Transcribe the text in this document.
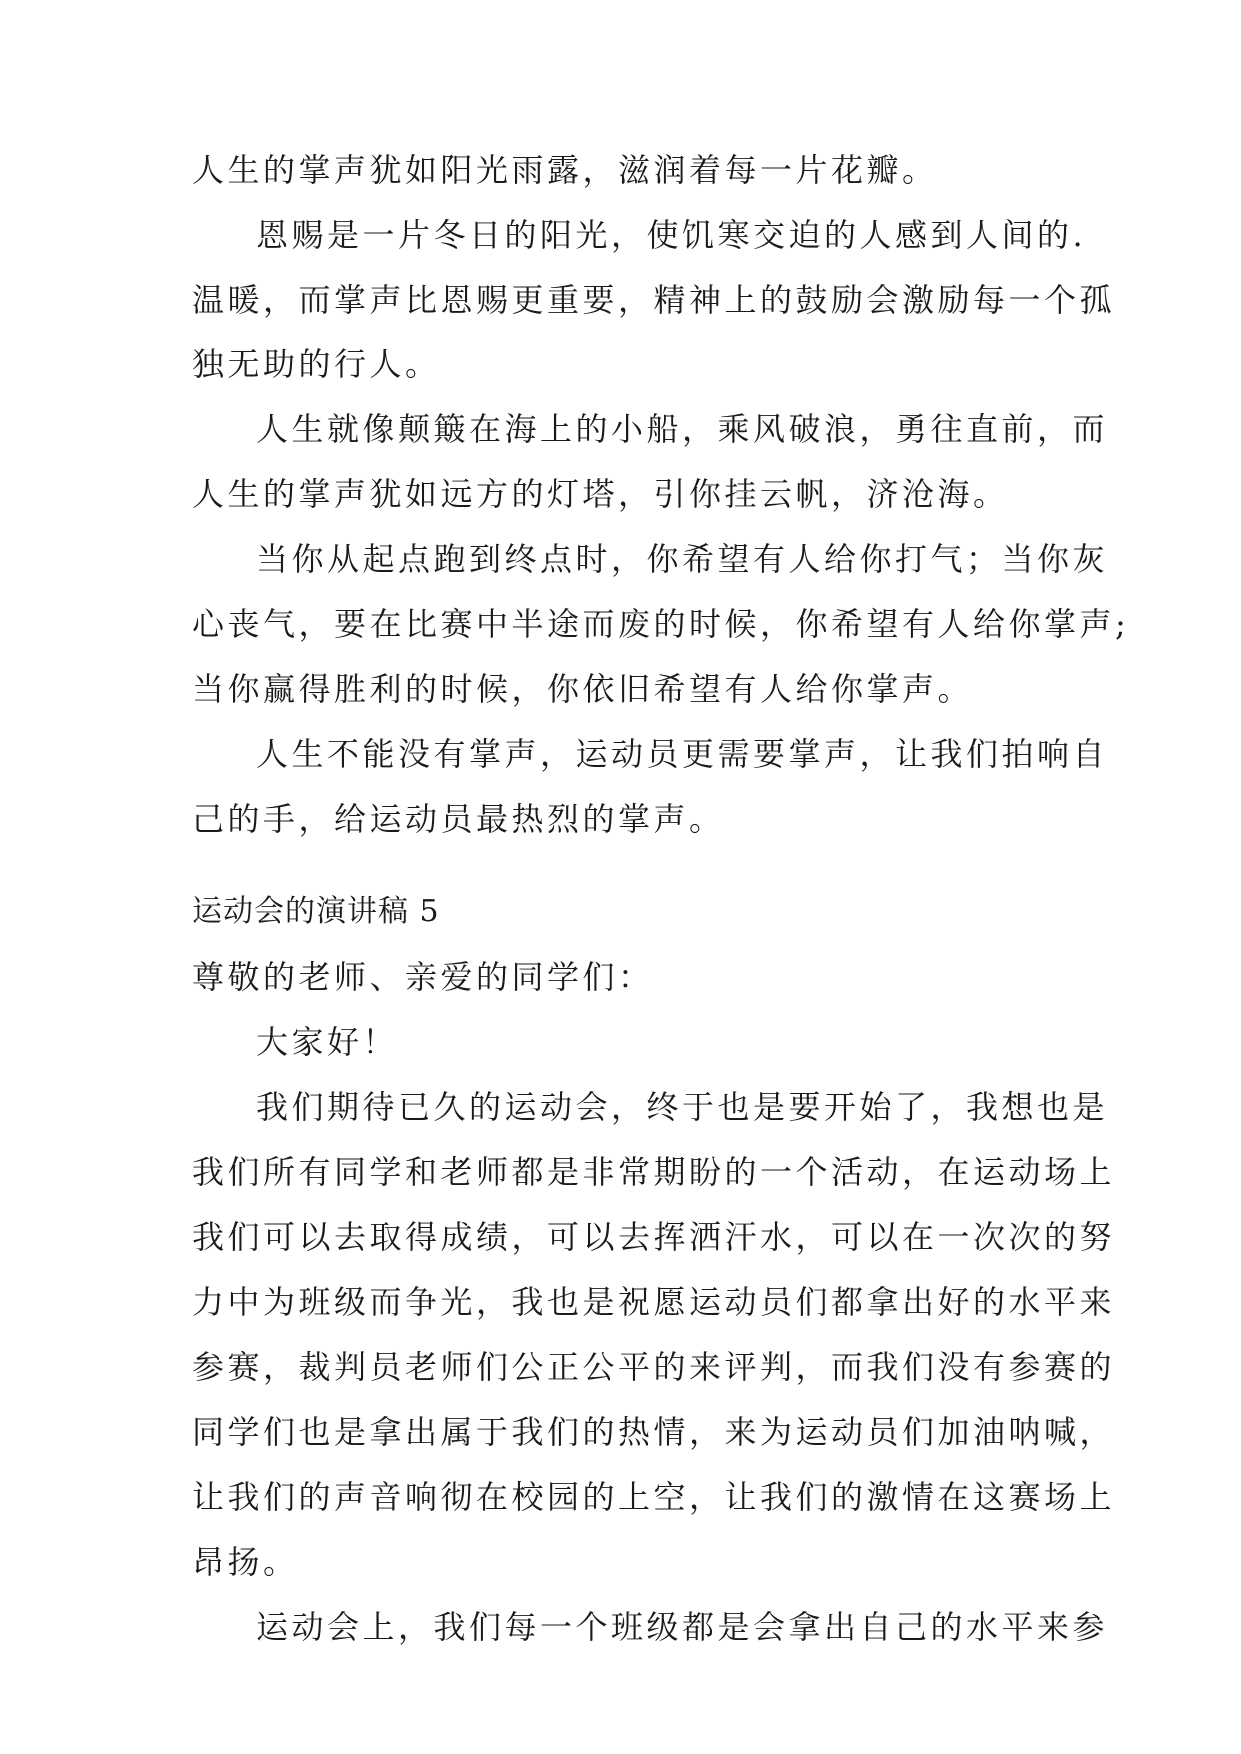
人生的掌声犹如阳光雨露，滋润着每一片花瓣。
恩赐是一片冬日的阳光，使饥寒交迫的人感到人间的.
温暖，而掌声比恩赐更重要，精神上的鼓励会激励每一个孤
独无助的行人。
人生就像颠簸在海上的小船，乘风破浪，勇往直前，而
人生的掌声犹如远方的灯塔，引你挂云帆，济沧海。
当你从起点跑到终点时，你希望有人给你打气；当你灰
心丧气，要在比赛中半途而废的时候，你希望有人给你掌声;
当你赢得胜利的时候，你依旧希望有人给你掌声。
人生不能没有掌声，运动员更需要掌声，让我们拍响自
己的手，给运动员最热烈的掌声。
运动会的演讲稿 5
尊敬的老师、亲爱的同学们：
大家好！
我们期待已久的运动会，终于也是要开始了，我想也是
我们所有同学和老师都是非常期盼的一个活动，在运动场上
我们可以去取得成绩，可以去挥洒汗水，可以在一次次的努
力中为班级而争光，我也是祝愿运动员们都拿出好的水平来
参赛，裁判员老师们公正公平的来评判，而我们没有参赛的
同学们也是拿出属于我们的热情，来为运动员们加油呐喊，
让我们的声音响彻在校园的上空，让我们的激情在这赛场上
昂扬。
运动会上，我们每一个班级都是会拿出自己的水平来参
